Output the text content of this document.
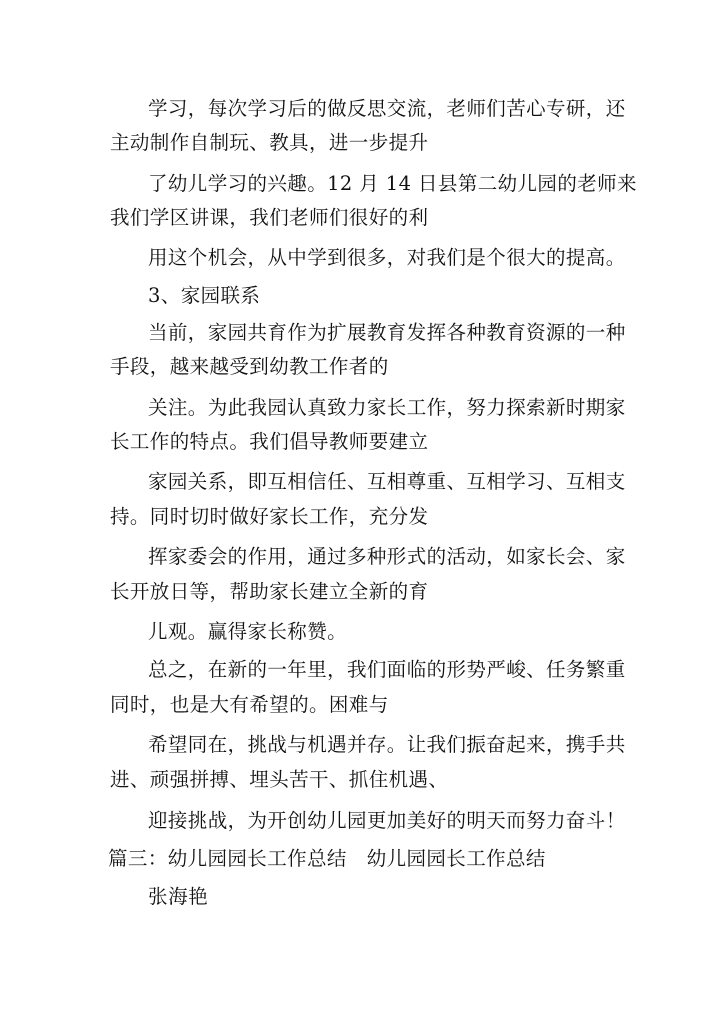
学习，每次学习后的做反思交流，老师们苦心专研，还
主动制作自制玩、教具，进一步提升
了幼儿学习的兴趣。12 月 14 日县第二幼儿园的老师来
我们学区讲课，我们老师们很好的利
用这个机会，从中学到很多，对我们是个很大的提高。
3、家园联系
当前，家园共育作为扩展教育发挥各种教育资源的一种
手段，越来越受到幼教工作者的
关注。为此我园认真致力家长工作，努力探索新时期家
长工作的特点。我们倡导教师要建立
家园关系，即互相信任、互相尊重、互相学习、互相支
持。同时切时做好家长工作，充分发
挥家委会的作用，通过多种形式的活动，如家长会、家
长开放日等，帮助家长建立全新的育
儿观。赢得家长称赞。
总之，在新的一年里，我们面临的形势严峻、任务繁重
同时，也是大有希望的。困难与
希望同在，挑战与机遇并存。让我们振奋起来，携手共
进、顽强拼搏、埋头苦干、抓住机遇、
迎接挑战，为开创幼儿园更加美好的明天而努力奋斗！
篇三：幼儿园园长工作总结　幼儿园园长工作总结
张海艳
